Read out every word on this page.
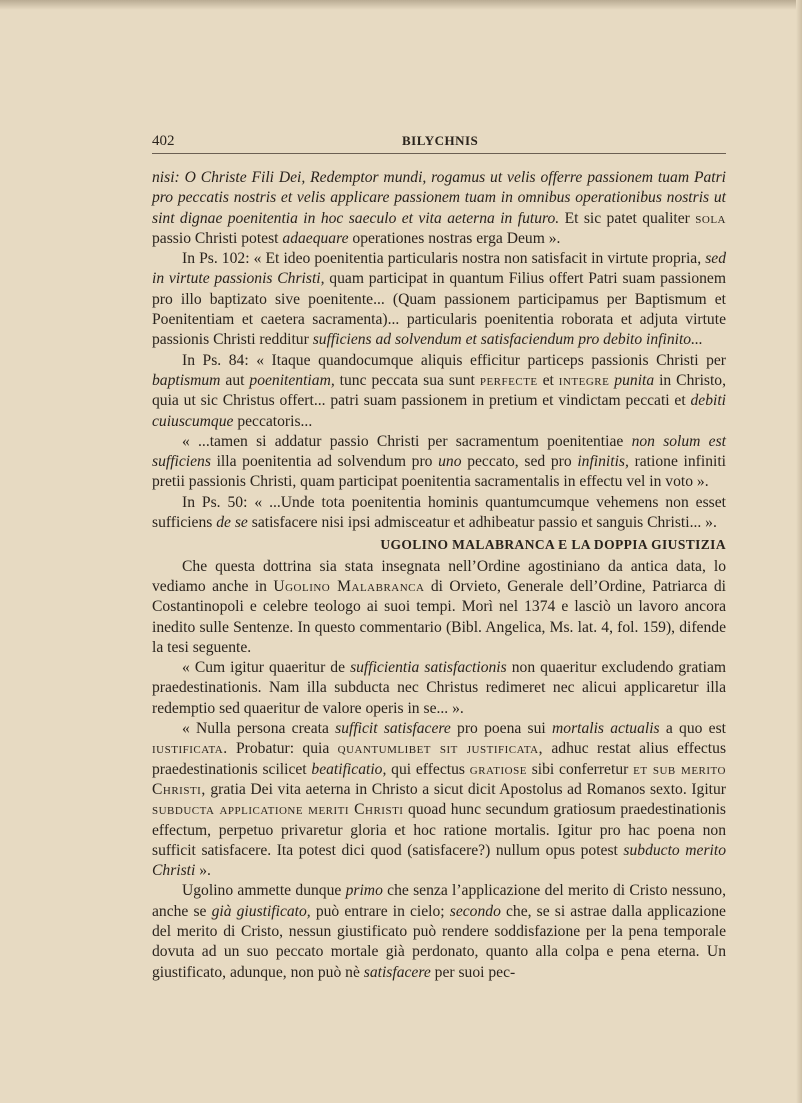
402	BILYCHNIS

nisi: O Christe Fili Dei, Redemptor mundi, rogamus ut velis offerre passionem tuam Patri pro peccatis nostris et velis applicare passionem tuam in omnibus operationibus nostris ut sint dignae poenitentia in hoc saeculo et vita aeterna in futuro. Et sic patet qualiter sola passio Christi potest adaequare operationes nostras erga Deum ».

In Ps. 102: « Et ideo poenitentia particularis nostra non satisfacit in virtute propria, sed in virtute passionis Christi, quam participat in quantum Filius offert Patri suam passionem pro illo baptizato sive poenitente... (Quam passionem participamus per Baptismum et Poenitentiam et caetera sacramenta)... particularis poenitentia roborata et adjuta virtute passionis Christi redditur sufficiens ad solvendum et satisfaciendum pro debito infinito...

In Ps. 84: « Itaque quandocumque aliquis efficitur particeps passionis Christi per baptismum aut poenitentiam, tunc peccata sua sunt perfecte et integre punita in Christo, quia ut sic Christus offert... patri suam passionem in pretium et vindictam peccati et debiti cuiuscumque peccatoris...

« ...tamen si addatur passio Christi per sacramentum poenitentiae non solum est sufficiens illa poenitentia ad solvendum pro uno peccato, sed pro infinitis, ratione infiniti pretii passionis Christi, quam participat poenitentia sacramentalis in effectu vel in voto ».

In Ps. 50: « ...Unde tota poenitentia hominis quantumcumque vehemens non esset sufficiens de se satisfacere nisi ipsi admisceatur et adhibeatur passio et sanguis Christi... ».

UGOLINO MALABRANCA E LA DOPPIA GIUSTIZIA

Che questa dottrina sia stata insegnata nell’Ordine agostiniano da antica data, lo vediamo anche in Ugolino Malabranca di Orvieto, Generale dell’Ordine, Patriarca di Costantinopoli e celebre teologo ai suoi tempi. Morì nel 1374 e lasciò un lavoro ancora inedito sulle Sentenze. In questo commentario (Bibl. Angelica, Ms. lat. 4, fol. 159), difende la tesi seguente.

« Cum igitur quaeritur de sufficientia satisfactionis non quaeritur excludendo gratiam praedestinationis. Nam illa subducta nec Christus redimeret nec alicui applicaretur illa redemptio sed quaeritur de valore operis in se... ».

« Nulla persona creata sufficit satisfacere pro poena sui mortalis actualis a quo est iustificata. Probatur: quia quantumlibet sit justificata, adhuc restat alius effectus praedestinationis scilicet beatificatio, qui effectus gratiose sibi conferretur et sub merito Christi, gratia Dei vita aeterna in Christo a sicut dicit Apostolus ad Romanos sexto. Igitur subducta applicatione meriti Christi quoad hunc secundum gratiosum praedestinationis effectum, perpetuo privaretur gloria et hoc ratione mortalis. Igitur pro hac poena non sufficit satisfacere. Ita potest dici quod (satisfacere?) nullum opus potest subducto merito Christi ».

Ugolino ammette dunque primo che senza l’applicazione del merito di Cristo nessuno, anche se già giustificato, può entrare in cielo; secondo che, se si astrae dalla applicazione del merito di Cristo, nessun giustificato può rendere soddisfazione per la pena temporale dovuta ad un suo peccato mortale già perdonato, quanto alla colpa e pena eterna. Un giustificato, adunque, non può nè satisfacere per suoi pec-
